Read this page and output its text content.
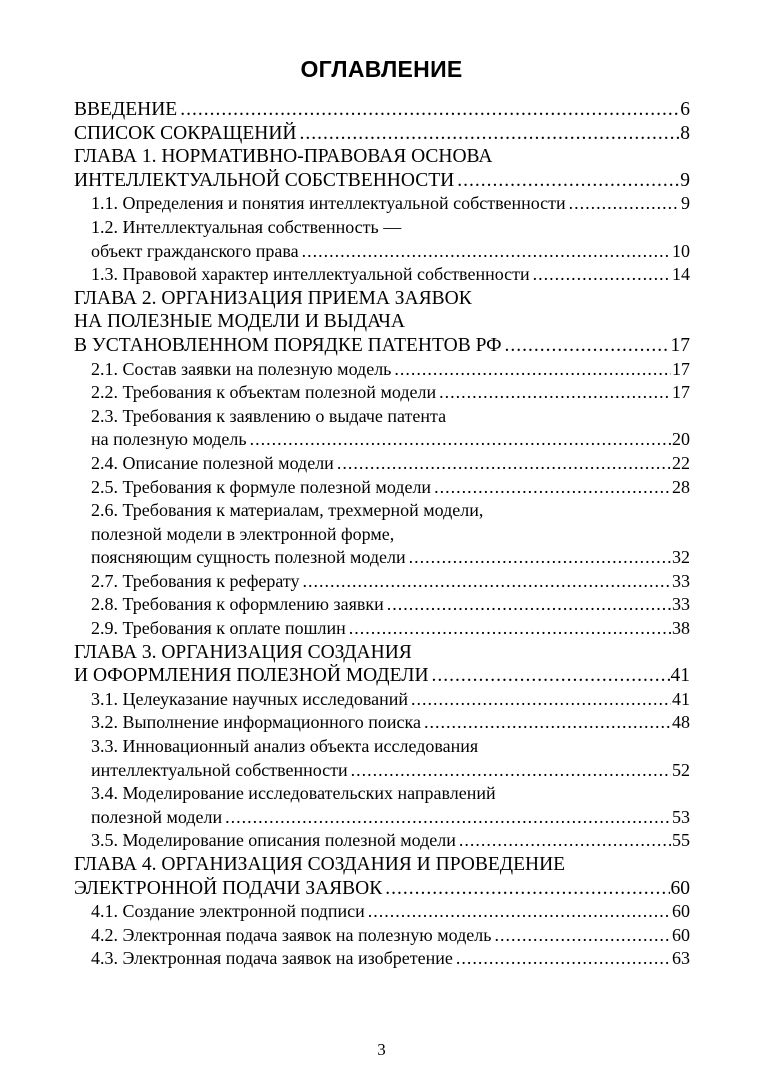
ОГЛАВЛЕНИЕ
ВВЕДЕНИЕ .....	6
СПИСОК СОКРАЩЕНИЙ .....	8
ГЛАВА 1. НОРМАТИВНО-ПРАВОВАЯ ОСНОВА
ИНТЕЛЛЕКТУАЛЬНОЙ СОБСТВЕННОСТИ .....	9
1.1. Определения и понятия интеллектуальной собственности .....	9
1.2. Интеллектуальная собственность —
объект гражданского права .....	10
1.3. Правовой характер интеллектуальной собственности .....	14
ГЛАВА 2. ОРГАНИЗАЦИЯ ПРИЕМА ЗАЯВОК
НА ПОЛЕЗНЫЕ МОДЕЛИ И ВЫДАЧА
В УСТАНОВЛЕННОМ ПОРЯДКЕ ПАТЕНТОВ РФ .....	17
2.1. Состав заявки на полезную модель .....	17
2.2. Требования к объектам полезной модели .....	17
2.3. Требования к заявлению о выдаче патента
на полезную модель .....	20
2.4. Описание полезной модели .....	22
2.5. Требования к формуле полезной модели .....	28
2.6. Требования к материалам, трехмерной модели,
полезной модели в электронной форме,
поясняющим сущность полезной модели .....	32
2.7. Требования к реферату .....	33
2.8. Требования к оформлению заявки .....	33
2.9. Требования к оплате пошлин .....	38
ГЛАВА 3. ОРГАНИЗАЦИЯ СОЗДАНИЯ
И ОФОРМЛЕНИЯ ПОЛЕЗНОЙ МОДЕЛИ .....	41
3.1. Целеуказание научных исследований .....	41
3.2. Выполнение информационного поиска .....	48
3.3. Инновационный анализ объекта исследования
интеллектуальной собственности .....	52
3.4. Моделирование исследовательских направлений
полезной модели .....	53
3.5. Моделирование описания полезной модели .....	55
ГЛАВА 4. ОРГАНИЗАЦИЯ СОЗДАНИЯ И ПРОВЕДЕНИЕ
ЭЛЕКТРОННОЙ ПОДАЧИ ЗАЯВОК .....	60
4.1. Создание электронной подписи .....	60
4.2. Электронная подача заявок на полезную модель .....	60
4.3. Электронная подача заявок на изобретение .....	63
3
